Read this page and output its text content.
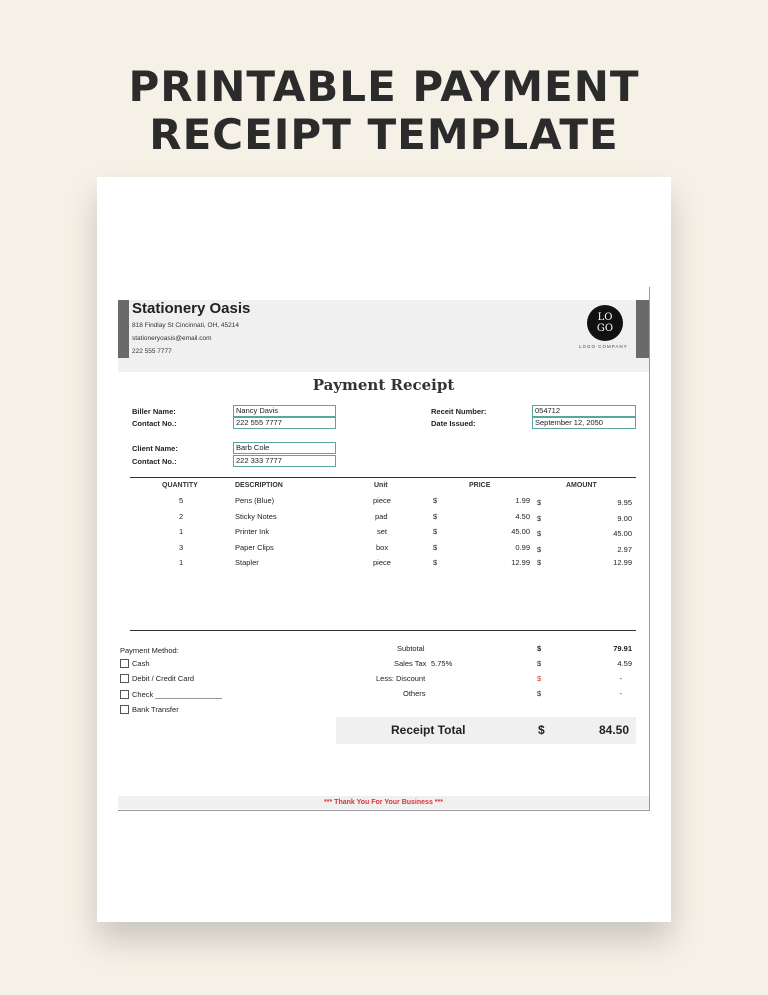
PRINTABLE PAYMENT
RECEIPT TEMPLATE
Stationery Oasis
818 Findlay St Cincinnati, OH, 45214
stationeryoasis@email.com
222 555 7777
LO
GO
LOGO COMPANY
Payment Receipt
Biller Name:	Nancy Davis
Contact No.:	222 555 7777
Receit Number:	054712
Date Issued:	September 12, 2050
Client Name:	Barb Cole
Contact No.:	222 333 7777
QUANTITY	DESCRIPTION	Unit	PRICE	AMOUNT
5	Pens (Blue)	piece	$	1.99 $	9.95
2	Sticky Notes	pad	$	4.50 $	9.00
1	Printer Ink	set	$	45.00 $	45.00
3	Paper Clips	box	$	0.99 $	2.97
1	Stapler	piece	$	12.99 $	12.99
Payment Method:
Cash
Debit / Credit Card
Check ________________
Bank Transfer
Subtotal	$	79.91
Sales Tax 5.75%	$	4.59
Less: Discount	$	-
Others	$	-
Receipt Total	$	84.50
*** Thank You For Your Business ***
